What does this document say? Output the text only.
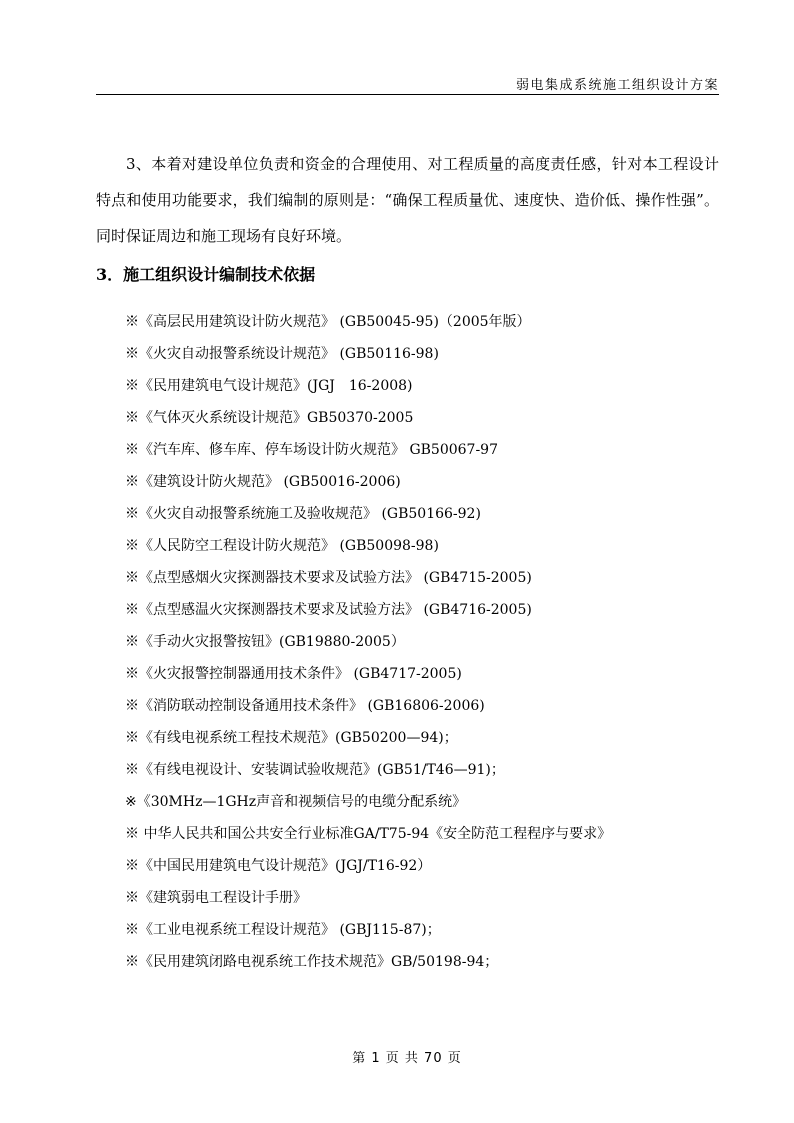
弱电集成系统施工组织设计方案

3、本着对建设单位负责和资金的合理使用、对工程质量的高度责任感，针对本工程设计特点和使用功能要求，我们编制的原则是：“确保工程质量优、速度快、造价低、操作性强”。同时保证周边和施工现场有良好环境。

3．施工组织设计编制技术依据
※《高层民用建筑设计防火规范》 (GB50045-95)（2005年版）
※《火灾自动报警系统设计规范》 (GB50116-98)
※《民用建筑电气设计规范》(JGJ　16-2008)
※《气体灭火系统设计规范》GB50370-2005
※《汽车库、修车库、停车场设计防火规范》 GB50067-97
※《建筑设计防火规范》 (GB50016-2006)
※《火灾自动报警系统施工及验收规范》 (GB50166-92)
※《人民防空工程设计防火规范》 (GB50098-98)
※《点型感烟火灾探测器技术要求及试验方法》 (GB4715-2005)
※《点型感温火灾探测器技术要求及试验方法》 (GB4716-2005)
※《手动火灾报警按钮》(GB19880-2005）
※《火灾报警控制器通用技术条件》 (GB4717-2005)
※《消防联动控制设备通用技术条件》 (GB16806-2006)
※《有线电视系统工程技术规范》(GB50200—94)；
※《有线电视设计、安装调试验收规范》(GB51/T46—91)；
※《30MHz—1GHz声音和视频信号的电缆分配系统》
※ 中华人民共和国公共安全行业标准GA/T75-94《安全防范工程程序与要求》
※《中国民用建筑电气设计规范》(JGJ/T16-92）
※《建筑弱电工程设计手册》
※《工业电视系统工程设计规范》 (GBJ115-87)；
※《民用建筑闭路电视系统工作技术规范》GB/50198-94；
第 1 页 共 70 页
